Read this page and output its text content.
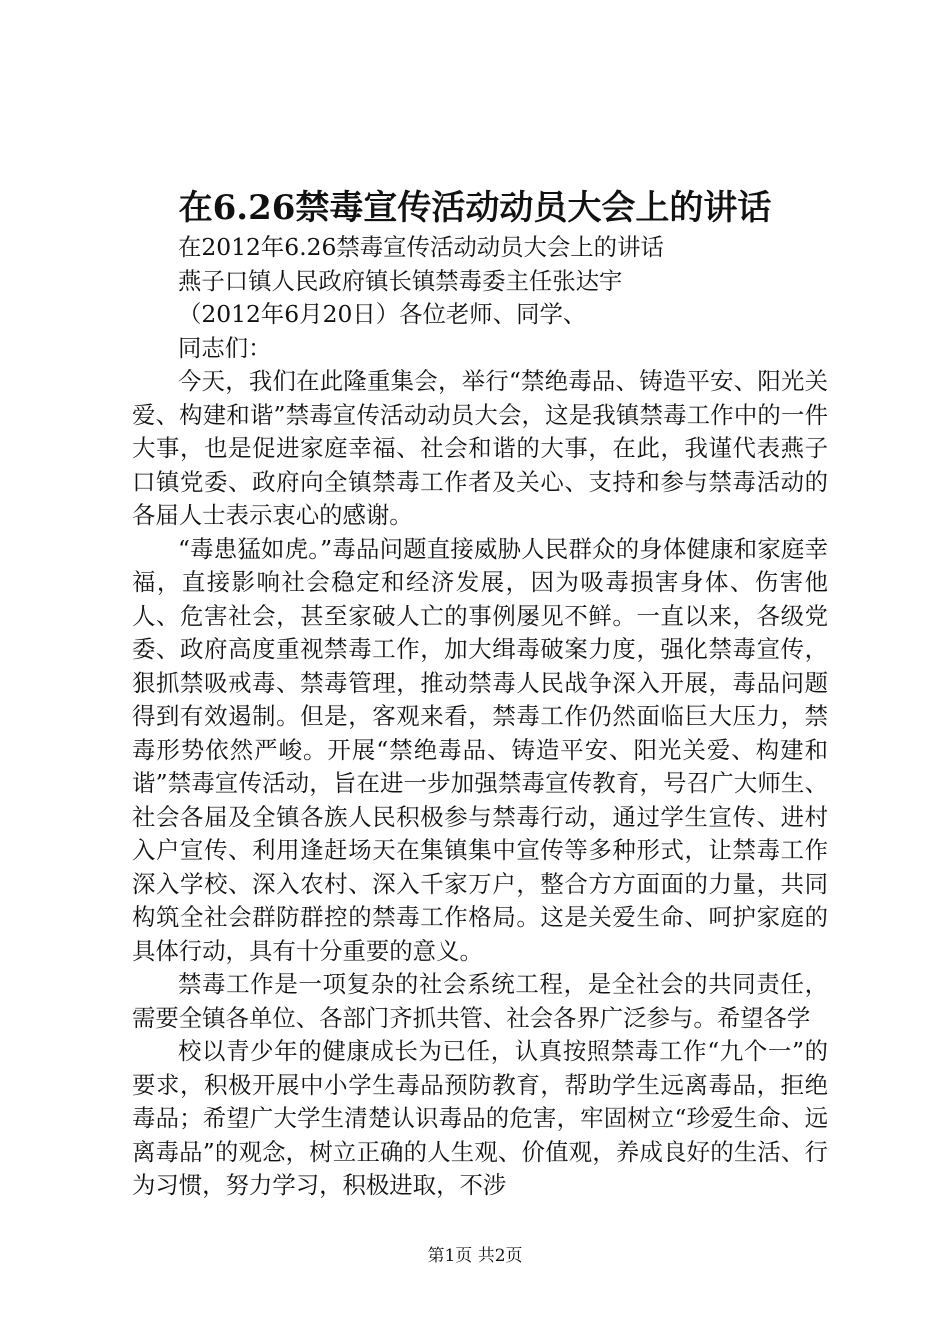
在6.26禁毒宣传活动动员大会上的讲话

在2012年6.26禁毒宣传活动动员大会上的讲话

燕子口镇人民政府镇长镇禁毒委主任张达宇

（2012年6月20日）各位老师、同学、

同志们：

今天，我们在此隆重集会，举行“禁绝毒品、铸造平安、阳光关爱、构建和谐”禁毒宣传活动动员大会，这是我镇禁毒工作中的一件大事，也是促进家庭幸福、社会和谐的大事，在此，我谨代表燕子口镇党委、政府向全镇禁毒工作者及关心、支持和参与禁毒活动的各届人士表示衷心的感谢。

“毒患猛如虎。”毒品问题直接威胁人民群众的身体健康和家庭幸福，直接影响社会稳定和经济发展，因为吸毒损害身体、伤害他人、危害社会，甚至家破人亡的事例屡见不鲜。一直以来，各级党委、政府高度重视禁毒工作，加大缉毒破案力度，强化禁毒宣传，狠抓禁吸戒毒、禁毒管理，推动禁毒人民战争深入开展，毒品问题得到有效遏制。但是，客观来看，禁毒工作仍然面临巨大压力，禁毒形势依然严峻。开展“禁绝毒品、铸造平安、阳光关爱、构建和谐”禁毒宣传活动，旨在进一步加强禁毒宣传教育，号召广大师生、社会各届及全镇各族人民积极参与禁毒行动，通过学生宣传、进村入户宣传、利用逢赶场天在集镇集中宣传等多种形式，让禁毒工作深入学校、深入农村、深入千家万户，整合方方面面的力量，共同构筑全社会群防群控的禁毒工作格局。这是关爱生命、呵护家庭的具体行动，具有十分重要的意义。

禁毒工作是一项复杂的社会系统工程，是全社会的共同责任，需要全镇各单位、各部门齐抓共管、社会各界广泛参与。希望各学

校以青少年的健康成长为已任，认真按照禁毒工作“九个一”的要求，积极开展中小学生毒品预防教育，帮助学生远离毒品，拒绝毒品；希望广大学生清楚认识毒品的危害，牢固树立“珍爱生命、远离毒品”的观念，树立正确的人生观、价值观，养成良好的生活、行为习惯，努力学习，积极进取，不涉

第1页 共2页
